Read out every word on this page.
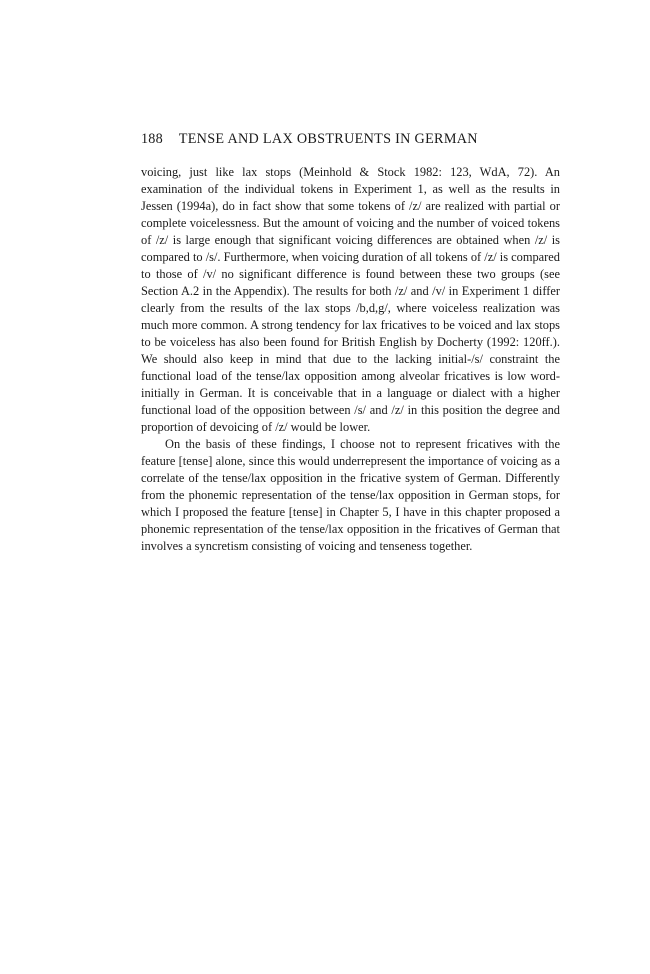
188 TENSE AND LAX OBSTRUENTS IN GERMAN

voicing, just like lax stops (Meinhold & Stock 1982: 123, WdA, 72). An examination of the individual tokens in Experiment 1, as well as the results in Jessen (1994a), do in fact show that some tokens of /z/ are realized with partial or complete voicelessness. But the amount of voicing and the number of voiced tokens of /z/ is large enough that significant voicing differences are obtained when /z/ is compared to /s/. Furthermore, when voicing duration of all tokens of /z/ is compared to those of /v/ no significant difference is found between these two groups (see Section A.2 in the Appendix). The results for both /z/ and /v/ in Experiment 1 differ clearly from the results of the lax stops /b,d,g/, where voiceless realization was much more common. A strong tendency for lax fricatives to be voiced and lax stops to be voiceless has also been found for British English by Docherty (1992: 120ff.). We should also keep in mind that due to the lacking initial-/s/ constraint the functional load of the tense/lax opposition among alveolar fricatives is low word-initially in German. It is conceivable that in a language or dialect with a higher functional load of the opposition between /s/ and /z/ in this position the degree and proportion of devoicing of /z/ would be lower.

On the basis of these findings, I choose not to represent fricatives with the feature [tense] alone, since this would underrepresent the importance of voicing as a correlate of the tense/lax opposition in the fricative system of German. Differently from the phonemic representation of the tense/lax opposition in German stops, for which I proposed the feature [tense] in Chapter 5, I have in this chapter proposed a phonemic representation of the tense/lax opposition in the fricatives of German that involves a syncretism consisting of voicing and tenseness together.
